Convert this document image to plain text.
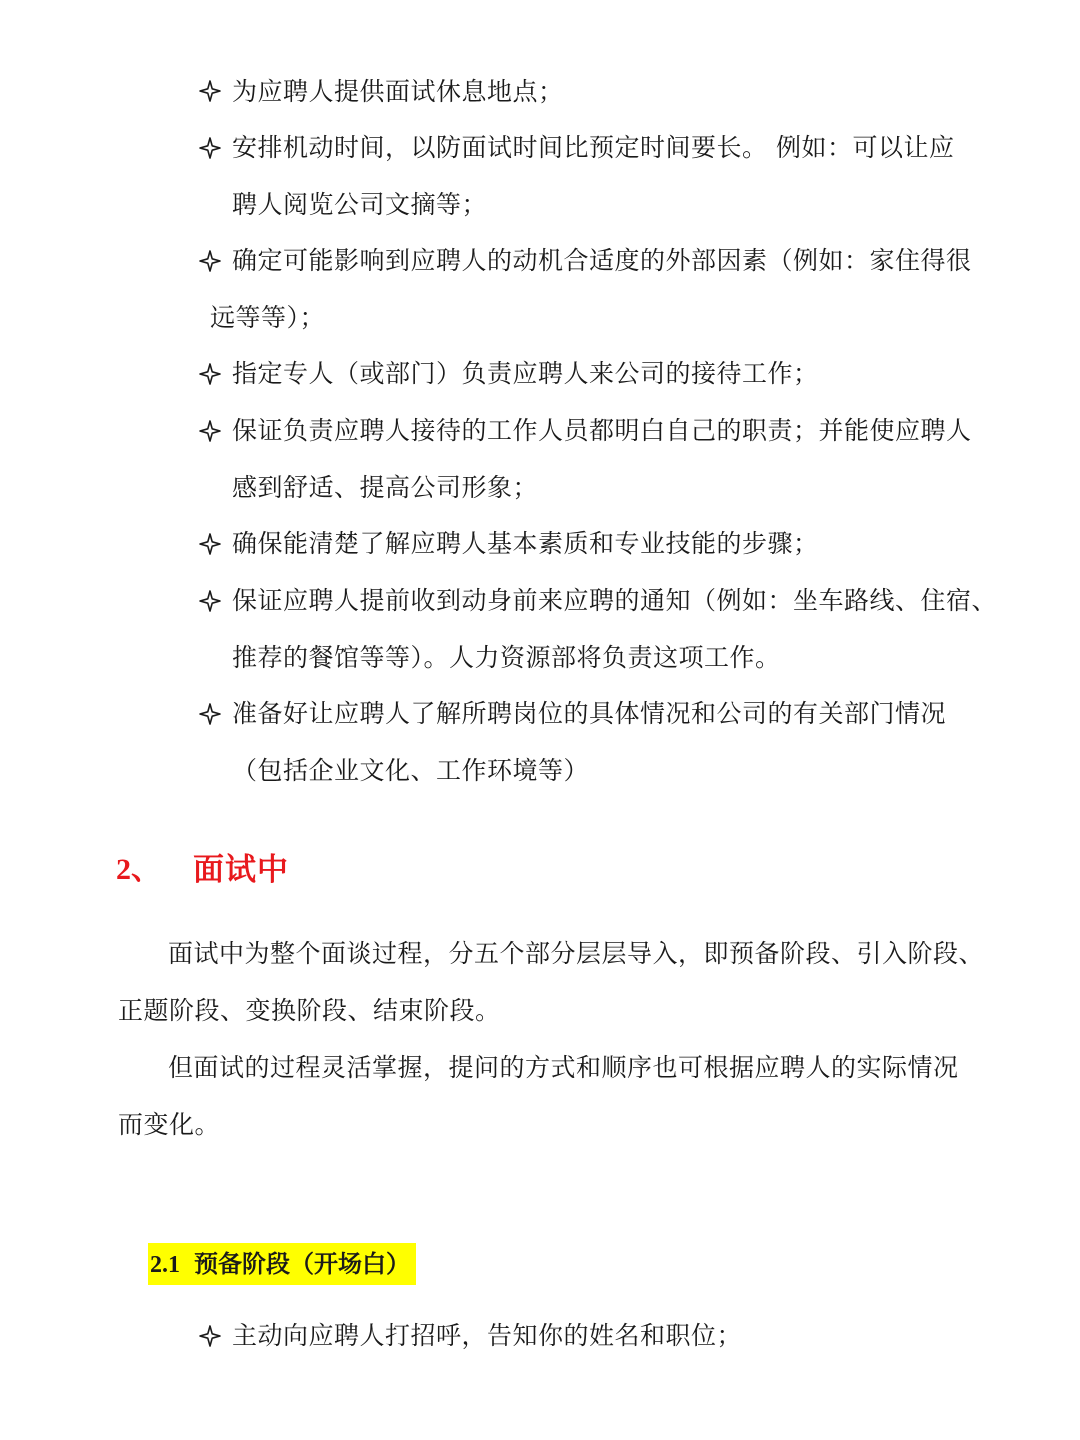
为应聘人提供面试休息地点；
安排机动时间，以防面试时间比预定时间要长。 例如：可以让应
聘人阅览公司文摘等；
确定可能影响到应聘人的动机合适度的外部因素（例如：家住得很
远等等）；
指定专人（或部门）负责应聘人来公司的接待工作；
保证负责应聘人接待的工作人员都明白自己的职责；并能使应聘人
感到舒适、提高公司形象；
确保能清楚了解应聘人基本素质和专业技能的步骤；
保证应聘人提前收到动身前来应聘的通知（例如：坐车路线、住宿、
推荐的餐馆等等）。人力资源部将负责这项工作。
准备好让应聘人了解所聘岗位的具体情况和公司的有关部门情况
（包括企业文化、工作环境等）
2、 面试中
面试中为整个面谈过程，分五个部分层层导入，即预备阶段、引入阶段、
正题阶段、变换阶段、结束阶段。
但面试的过程灵活掌握，提问的方式和顺序也可根据应聘人的实际情况
而变化。
2.1 预备阶段（开场白）
主动向应聘人打招呼，告知你的姓名和职位；
